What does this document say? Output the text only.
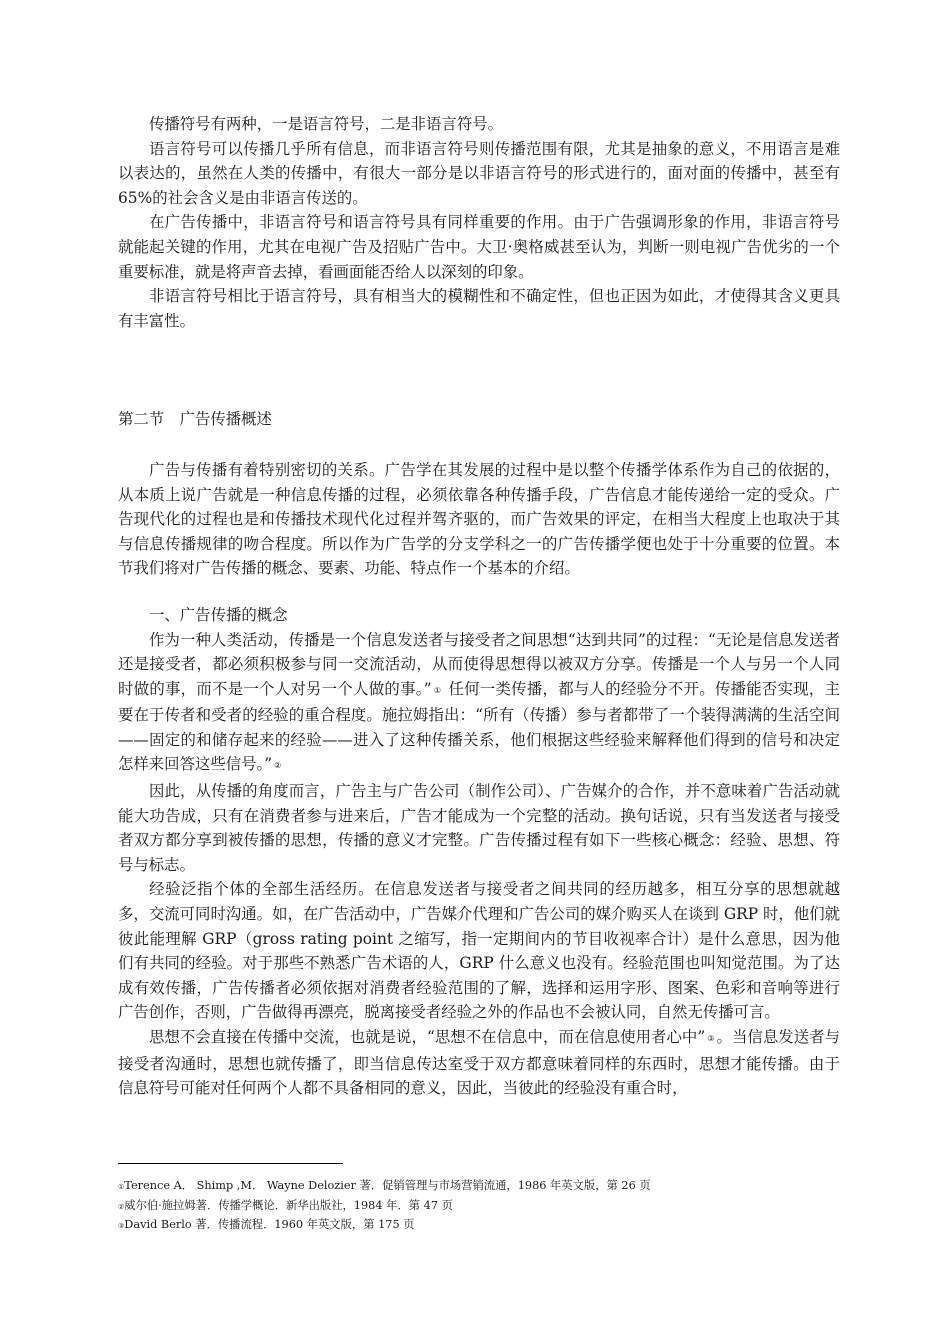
传播符号有两种，一是语言符号，二是非语言符号。

语言符号可以传播几乎所有信息，而非语言符号则传播范围有限，尤其是抽象的意义，不用语言是难以表达的，虽然在人类的传播中，有很大一部分是以非语言符号的形式进行的，面对面的传播中，甚至有 65%的社会含义是由非语言传送的。

在广告传播中，非语言符号和语言符号具有同样重要的作用。由于广告强调形象的作用，非语言符号就能起关键的作用，尤其在电视广告及招贴广告中。大卫·奥格威甚至认为，判断一则电视广告优劣的一个重要标准，就是将声音去掉，看画面能否给人以深刻的印象。

非语言符号相比于语言符号，具有相当大的模糊性和不确定性，但也正因为如此，才使得其含义更具有丰富性。

第二节　广告传播概述

广告与传播有着特别密切的关系。广告学在其发展的过程中是以整个传播学体系作为自己的依据的，从本质上说广告就是一种信息传播的过程，必须依靠各种传播手段，广告信息才能传递给一定的受众。广告现代化的过程也是和传播技术现代化过程并驾齐驱的，而广告效果的评定，在相当大程度上也取决于其与信息传播规律的吻合程度。所以作为广告学的分支学科之一的广告传播学便也处于十分重要的位置。本节我们将对广告传播的概念、要素、功能、特点作一个基本的介绍。

一、广告传播的概念

作为一种人类活动，传播是一个信息发送者与接受者之间思想“达到共同”的过程：“无论是信息发送者还是接受者，都必须积极参与同一交流活动，从而使得思想得以被双方分享。传播是一个人与另一个人同时做的事，而不是一个人对另一个人做的事。” ① 任何一类传播，都与人的经验分不开。传播能否实现，主要在于传者和受者的经验的重合程度。施拉姆指出：“所有（传播）参与者都带了一个装得满满的生活空间——固定的和储存起来的经验——进入了这种传播关系，他们根据这些经验来解释他们得到的信号和决定怎样来回答这些信号。” ②

因此，从传播的角度而言，广告主与广告公司（制作公司）、广告媒介的合作，并不意味着广告活动就能大功告成，只有在消费者参与进来后，广告才能成为一个完整的活动。换句话说，只有当发送者与接受者双方都分享到被传播的思想，传播的意义才完整。广告传播过程有如下一些核心概念：经验、思想、符号与标志。

经验泛指个体的全部生活经历。在信息发送者与接受者之间共同的经历越多，相互分享的思想就越多，交流可同时沟通。如，在广告活动中，广告媒介代理和广告公司的媒介购买人在谈到 GRP 时，他们就彼此能理解 GRP（gross rating point 之缩写，指一定期间内的节目收视率合计）是什么意思，因为他们有共同的经验。对于那些不熟悉广告术语的人，GRP 什么意义也没有。经验范围也叫知觉范围。为了达成有效传播，广告传播者必须依据对消费者经验范围的了解，选择和运用字形、图案、色彩和音响等进行广告创作，否则，广告做得再漂亮，脱离接受者经验之外的作品也不会被认同，自然无传播可言。

思想不会直接在传播中交流，也就是说，“思想不在信息中，而在信息使用者心中” ③ 。当信息发送者与接受者沟通时，思想也就传播了，即当信息传达室受于双方都意味着同样的东西时，思想才能传播。由于信息符号可能对任何两个人都不具备相同的意义，因此，当彼此的经验没有重合时，

①Terence A． Shimp ,M． Wayne Delozier 著．促销管理与市场营销流通，1986 年英文版，第 26 页
②威尔伯·施拉姆著．传播学概论．新华出版社，1984 年．第 47 页
③David Berlo 著．传播流程．1960 年英文版，第 175 页
